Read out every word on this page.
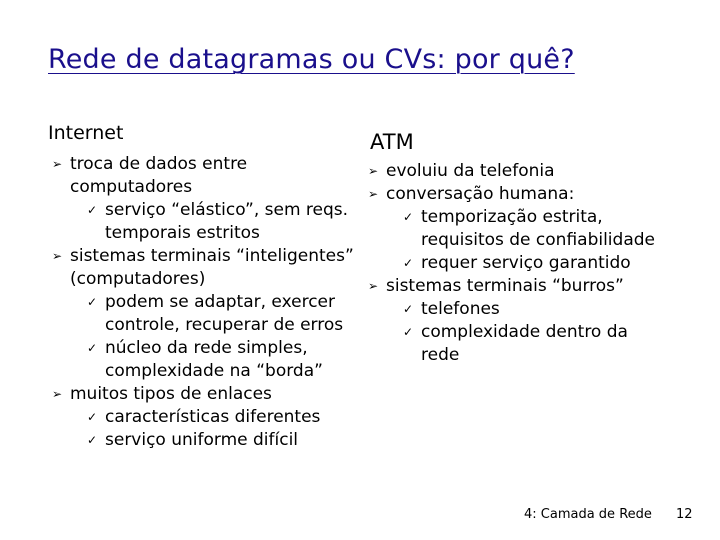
Rede de datagramas ou CVs: por quê?
Internet	ATM
➢ troca de dados entre computadores
✓ serviço “elástico”, sem reqs. temporais estritos
➢ sistemas terminais “inteligentes” (computadores)
✓ podem se adaptar, exercer controle, recuperar de erros
✓ núcleo da rede simples, complexidade na “borda”
➢ muitos tipos de enlaces
✓ características diferentes
✓ serviço uniforme difícil
➢ evoluiu da telefonia
➢ conversação humana:
✓ temporização estrita, requisitos de confiabilidade
✓ requer serviço garantido
➢ sistemas terminais “burros”
✓ telefones
✓ complexidade dentro da rede
4: Camada de Rede 12
